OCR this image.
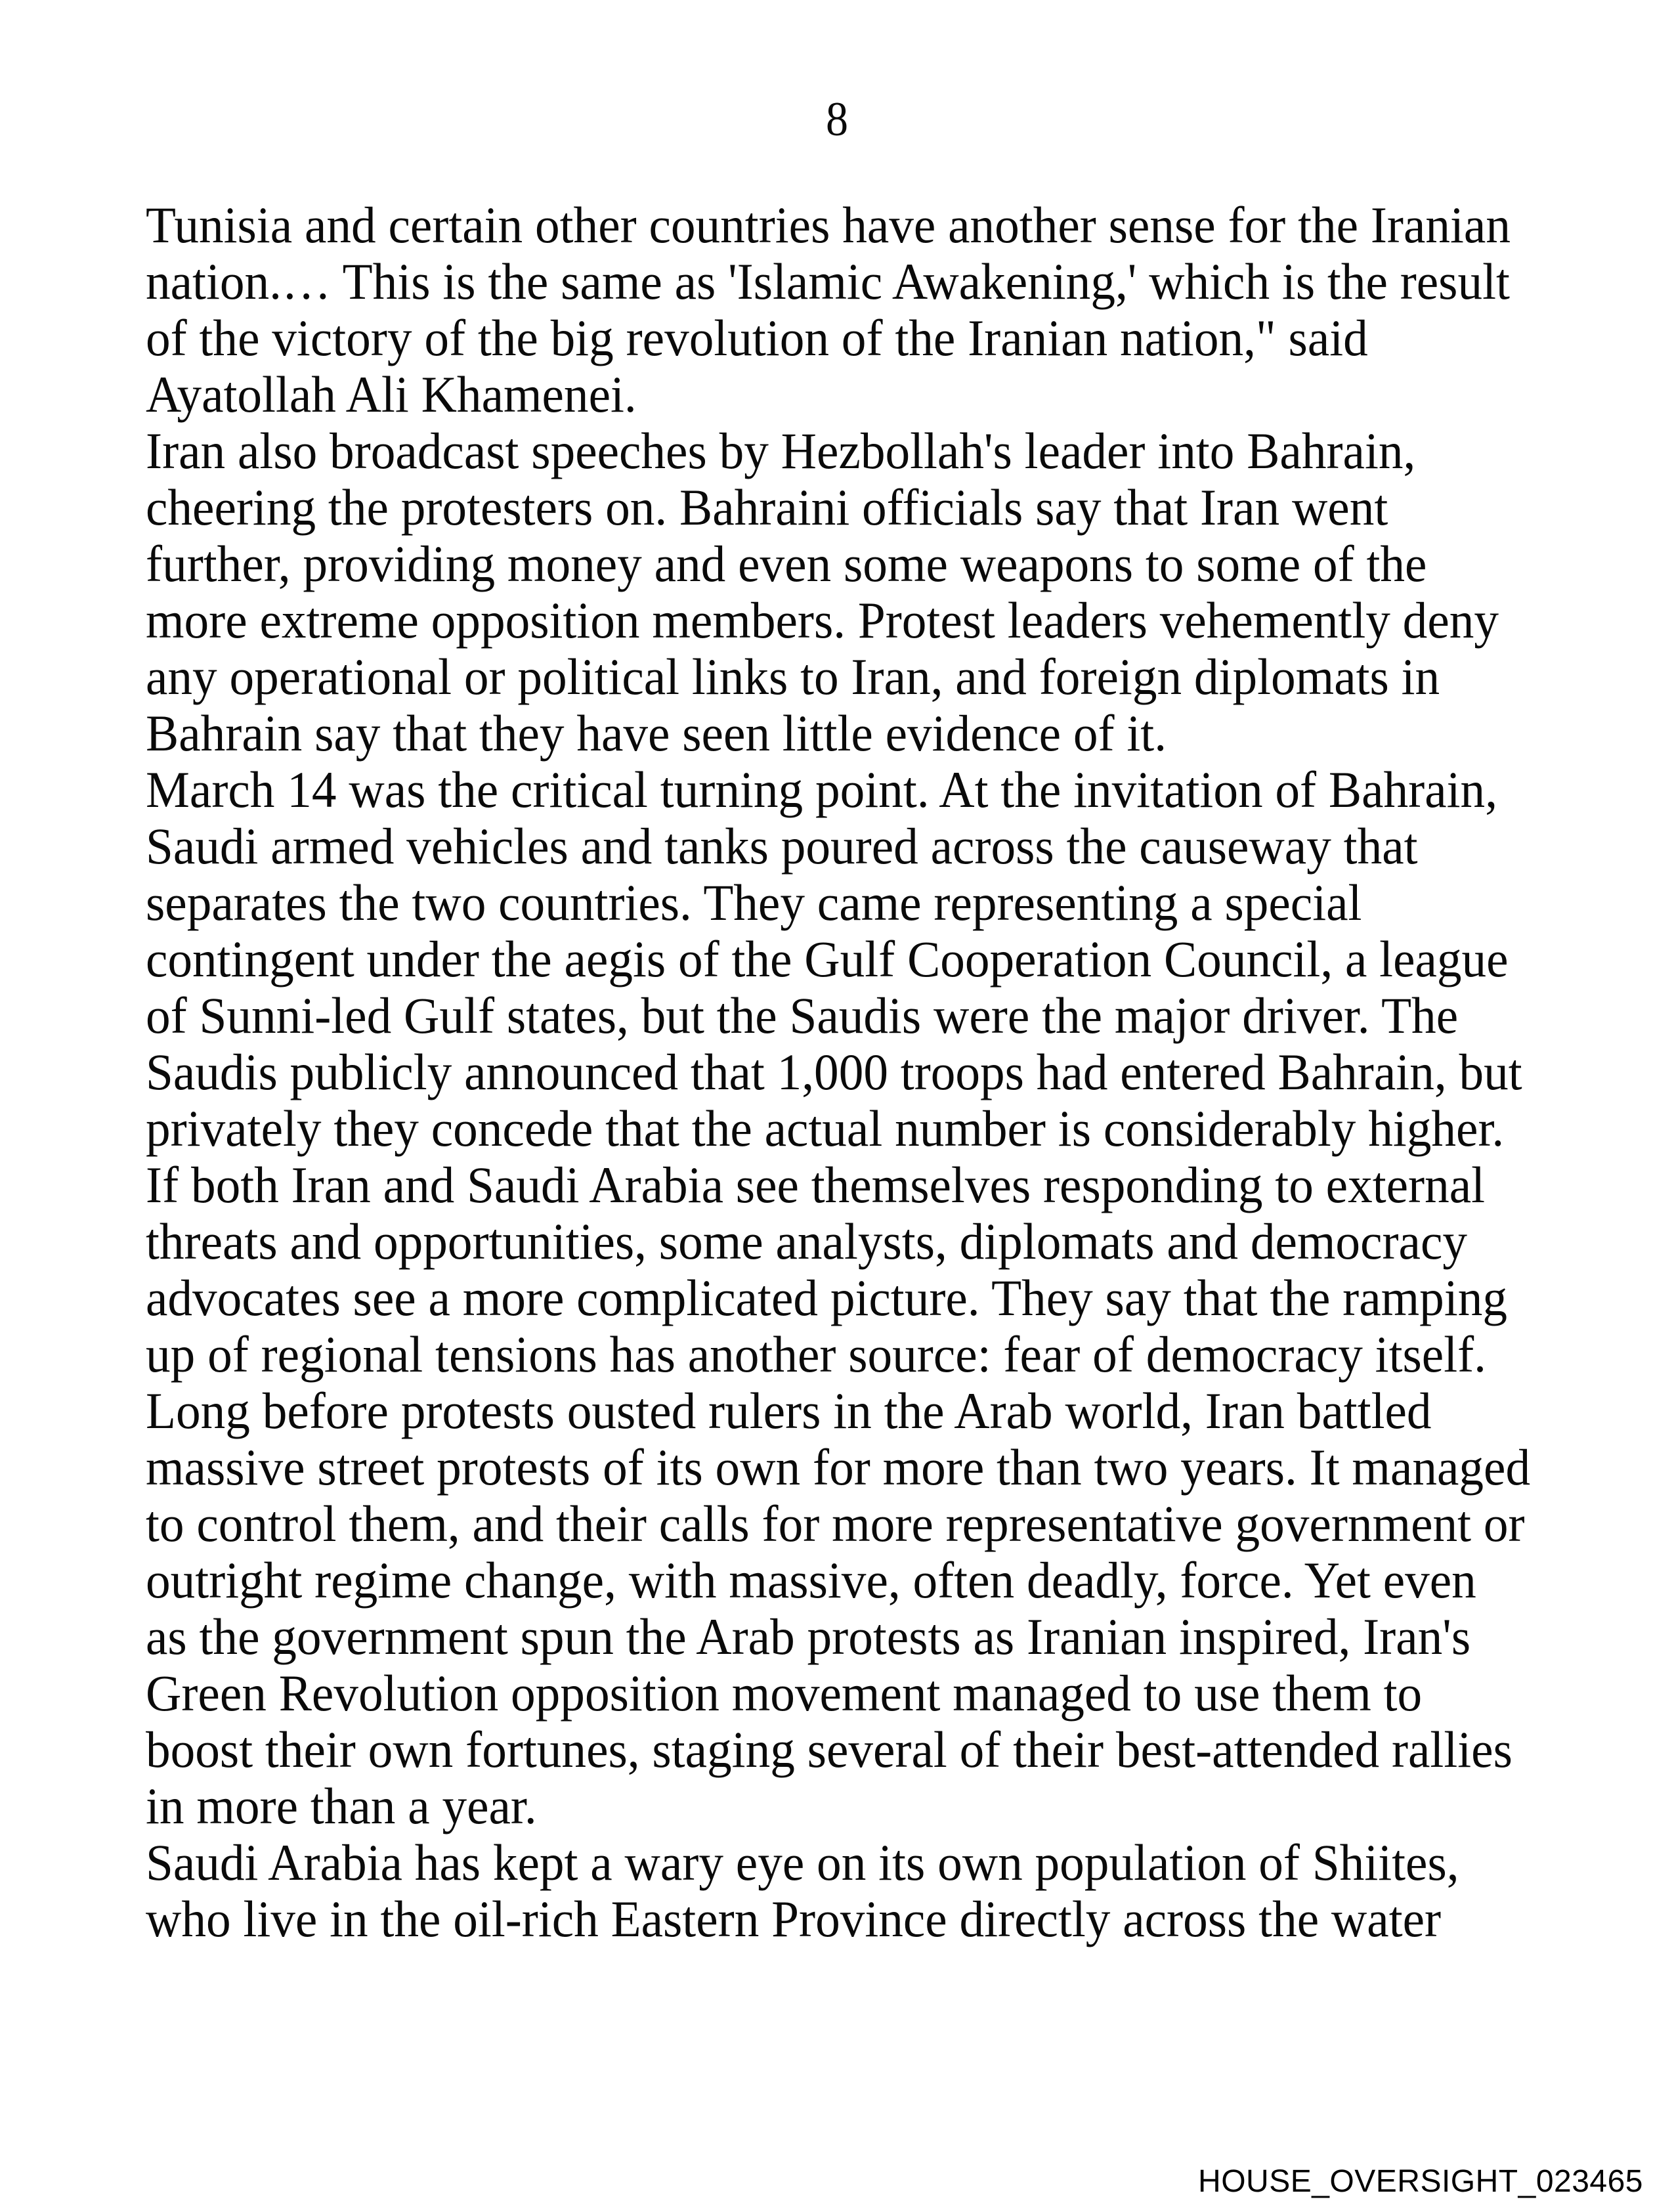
8
Tunisia and certain other countries have another sense for the Iranian
nation.… This is the same as 'Islamic Awakening,' which is the result
of the victory of the big revolution of the Iranian nation," said
Ayatollah Ali Khamenei.
Iran also broadcast speeches by Hezbollah's leader into Bahrain,
cheering the protesters on. Bahraini officials say that Iran went
further, providing money and even some weapons to some of the
more extreme opposition members. Protest leaders vehemently deny
any operational or political links to Iran, and foreign diplomats in
Bahrain say that they have seen little evidence of it.
March 14 was the critical turning point. At the invitation of Bahrain,
Saudi armed vehicles and tanks poured across the causeway that
separates the two countries. They came representing a special
contingent under the aegis of the Gulf Cooperation Council, a league
of Sunni-led Gulf states, but the Saudis were the major driver. The
Saudis publicly announced that 1,000 troops had entered Bahrain, but
privately they concede that the actual number is considerably higher.
If both Iran and Saudi Arabia see themselves responding to external
threats and opportunities, some analysts, diplomats and democracy
advocates see a more complicated picture. They say that the ramping
up of regional tensions has another source: fear of democracy itself.
Long before protests ousted rulers in the Arab world, Iran battled
massive street protests of its own for more than two years. It managed
to control them, and their calls for more representative government or
outright regime change, with massive, often deadly, force. Yet even
as the government spun the Arab protests as Iranian inspired, Iran's
Green Revolution opposition movement managed to use them to
boost their own fortunes, staging several of their best-attended rallies
in more than a year.
Saudi Arabia has kept a wary eye on its own population of Shiites,
who live in the oil-rich Eastern Province directly across the water
HOUSE_OVERSIGHT_023465
